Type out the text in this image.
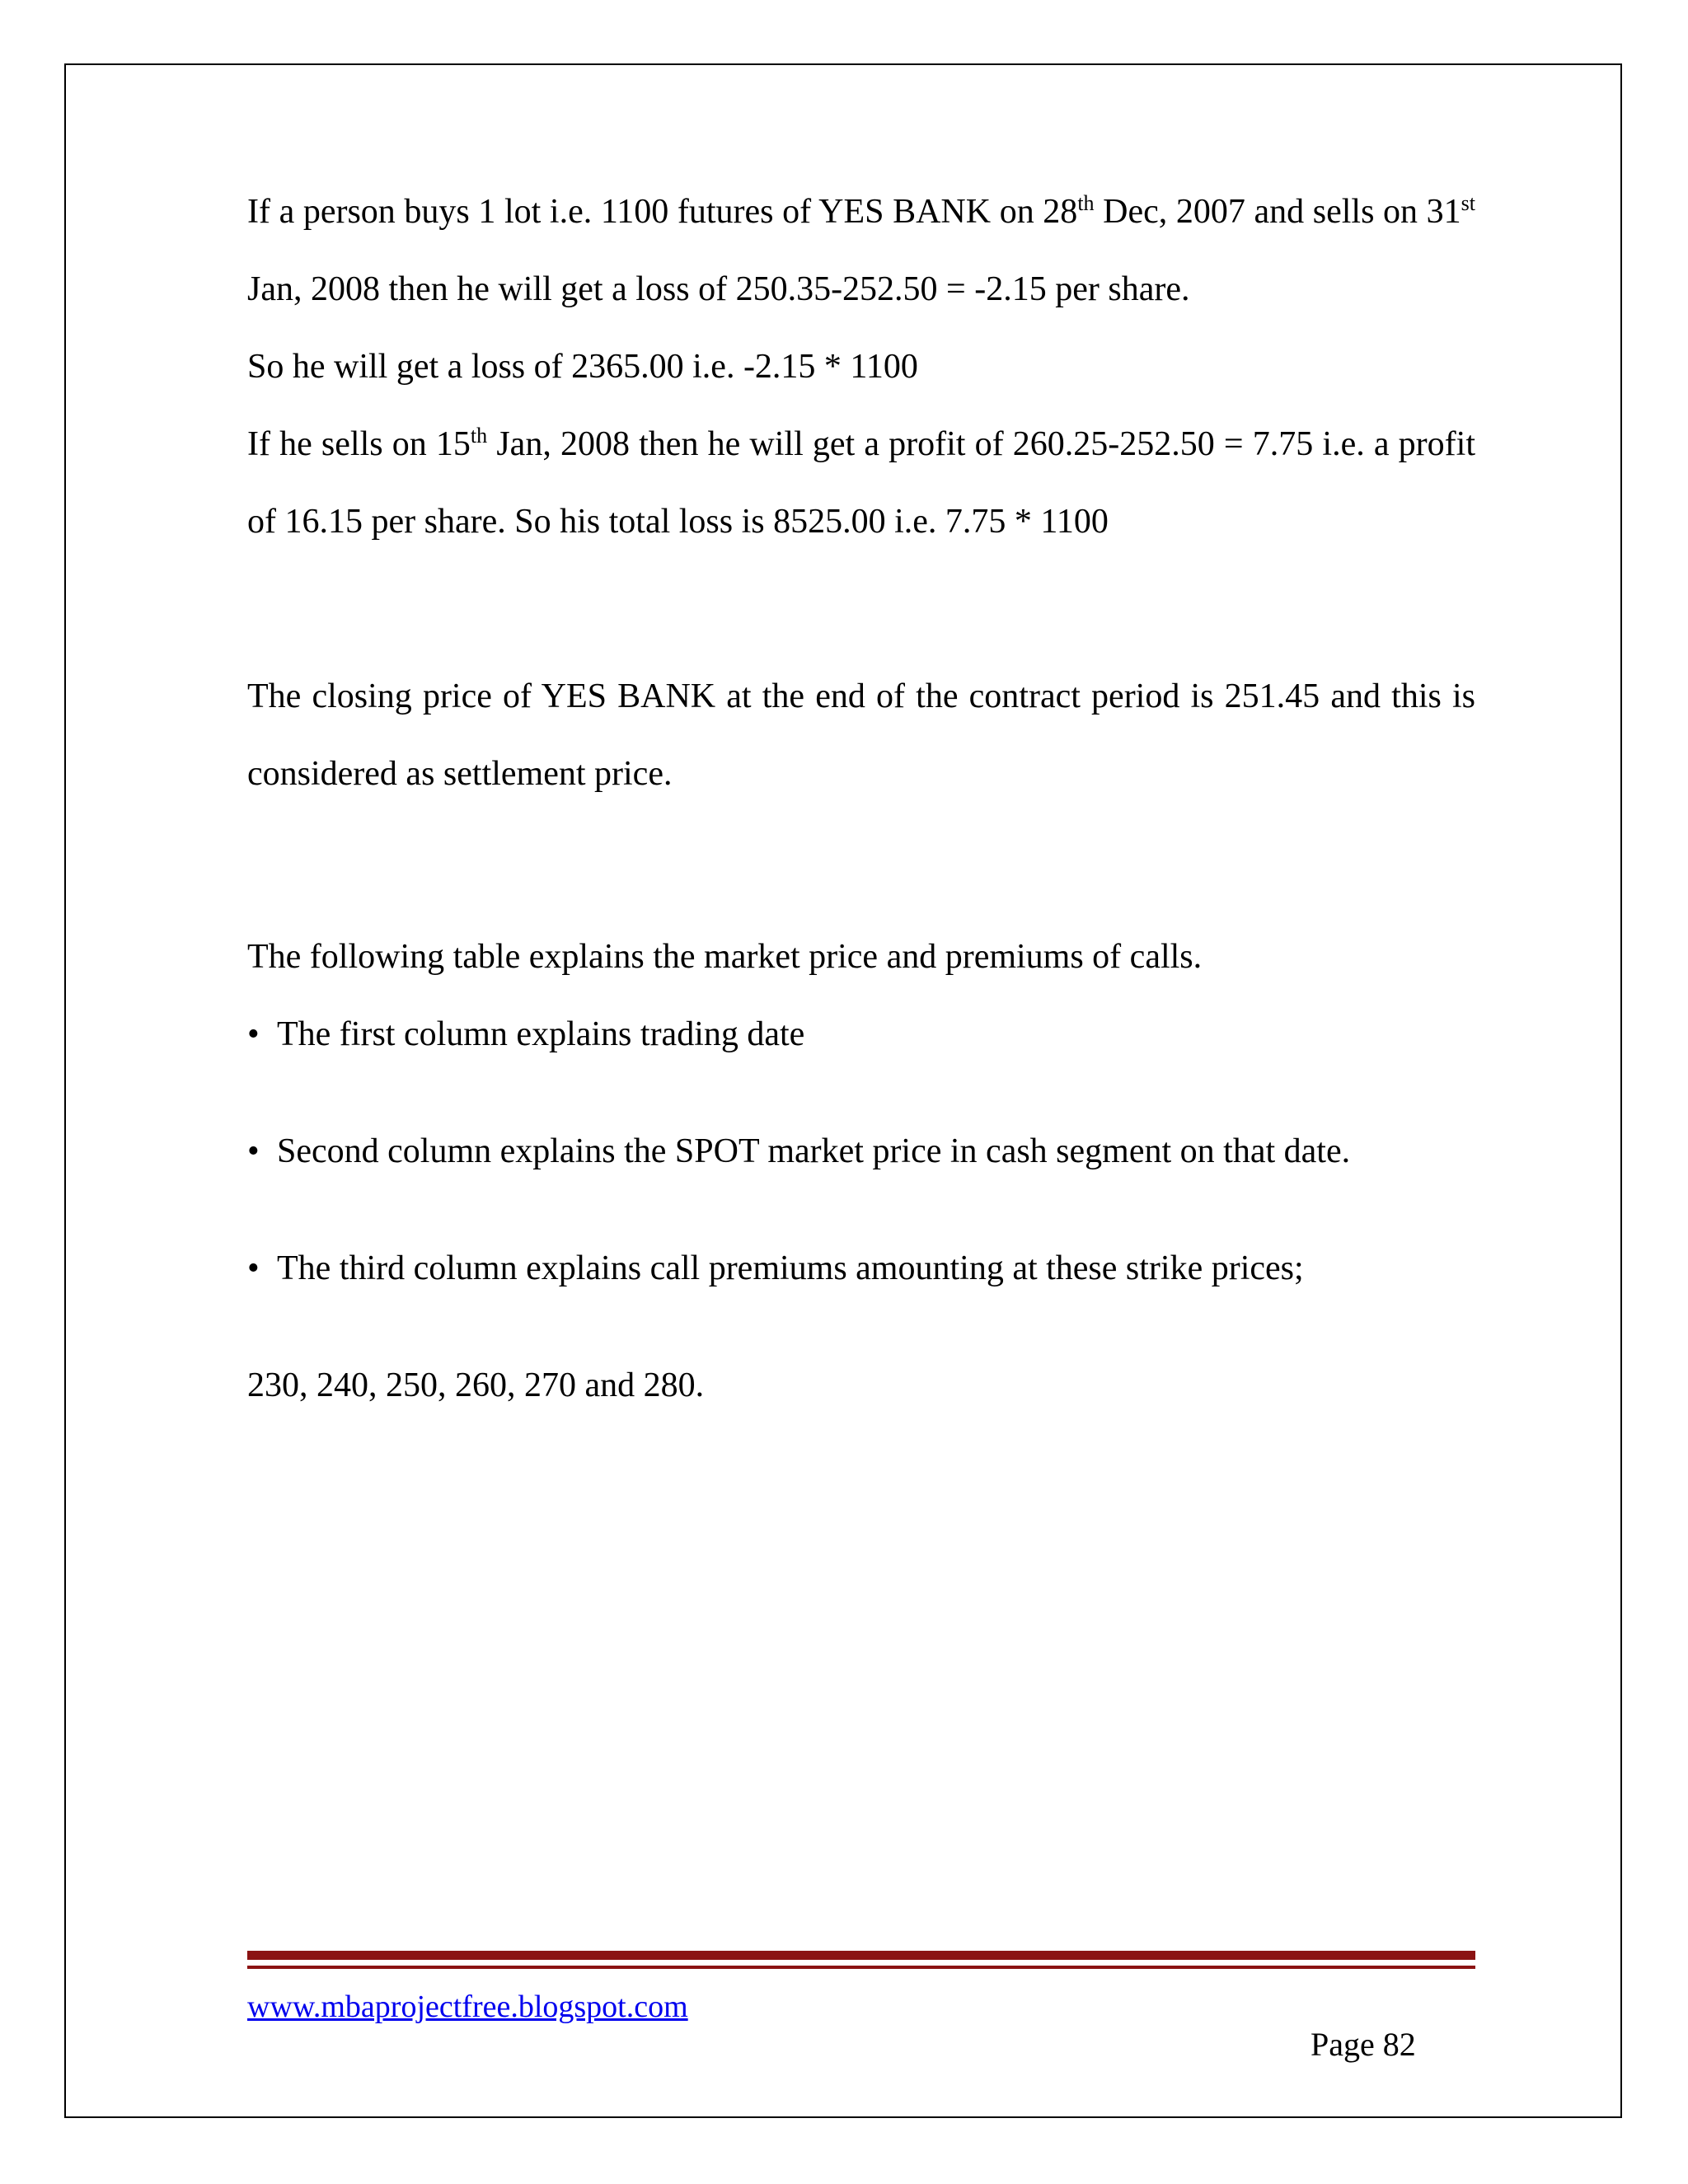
If a person buys 1 lot i.e. 1100 futures of YES BANK on 28th Dec, 2007 and sells on 31st Jan, 2008 then he will get a loss of 250.35-252.50 = -2.15 per share.

So he will get a loss of 2365.00 i.e. -2.15 * 1100

If he sells on 15th Jan, 2008 then he will get a profit of 260.25-252.50 = 7.75 i.e. a profit of 16.15 per share. So his total loss is 8525.00 i.e. 7.75 * 1100

The closing price of YES BANK at the end of the contract period is 251.45 and this is considered as settlement price.

The following table explains the market price and premiums of calls.

• The first column explains trading date
• Second column explains the SPOT market price in cash segment on that date.
• The third column explains call premiums amounting at these strike prices;

230, 240, 250, 260, 270 and 280.

www.mbaprojectfree.blogspot.com
Page 82
